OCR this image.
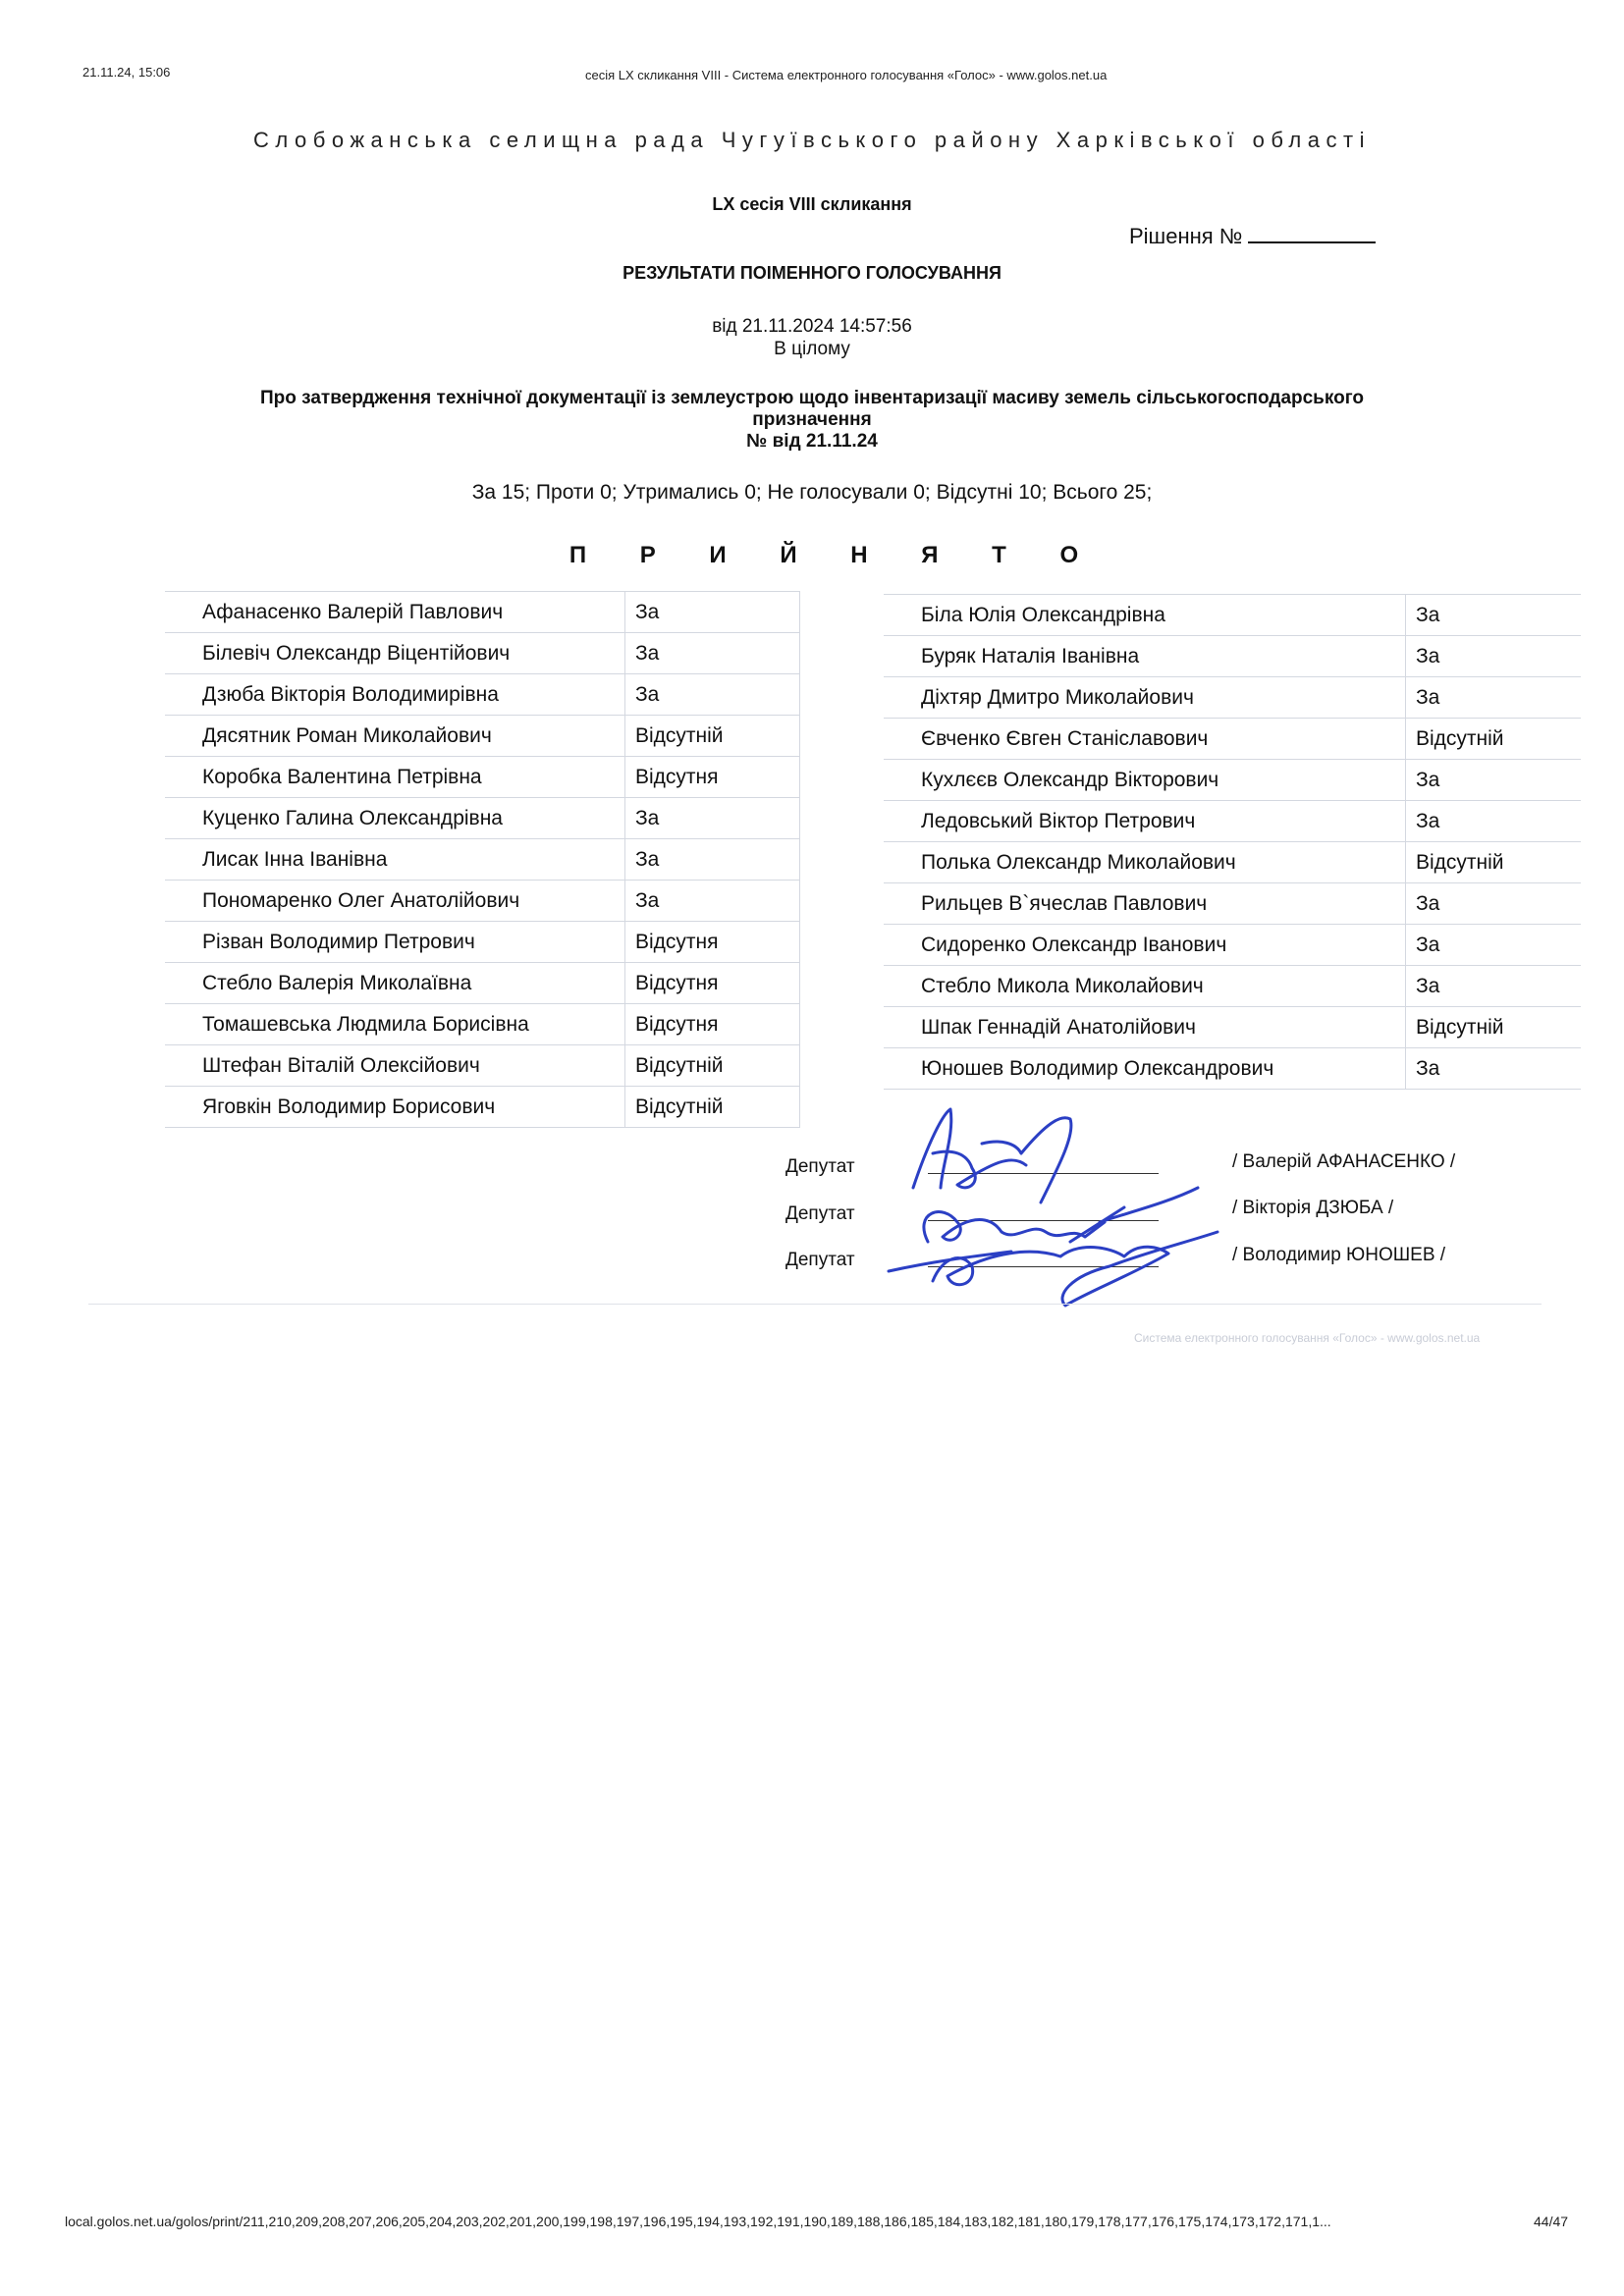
21.11.24, 15:06	сесія LX скликання VIII - Система електронного голосування «Голос» - www.golos.net.ua
Слобожанська селищна рада Чугуївського району Харківської області
LX сесія VIII скликання
Рішення №
РЕЗУЛЬТАТИ ПОІМЕННОГО ГОЛОСУВАННЯ
від 21.11.2024 14:57:56
В цілому
Про затвердження технічної документації із землеустрою щодо інвентаризації масиву земель сільськогосподарського
призначення
№ від 21.11.24
За 15; Проти 0; Утримались 0; Не голосували 0; Відсутні 10; Всього 25;
П Р И Й Н Я Т О
Афанасенко Валерій Павлович	За
Білевіч Олександр Віцентійович	За
Дзюба Вікторія Володимирівна	За
Дясятник Роман Миколайович	Відсутній
Коробка Валентина Петрівна	Відсутня
Куценко Галина Олександрівна	За
Лисак Інна Іванівна	За
Пономаренко Олег Анатолійович	За
Різван Володимир Петрович	Відсутня
Стебло Валерія Миколаївна	Відсутня
Томашевська Людмила Борисівна	Відсутня
Штефан Віталій Олексійович	Відсутній
Яговкін Володимир Борисович	Відсутній
Біла Юлія Олександрівна	За
Буряк Наталія Іванівна	За
Діхтяр Дмитро Миколайович	За
Євченко Євген Станіславович	Відсутній
Кухлєєв Олександр Вікторович	За
Ледовський Віктор Петрович	За
Полька Олександр Миколайович	Відсутній
Рильцев В`ячеслав Павлович	За
Сидоренко Олександр Іванович	За
Стебло Микола Миколайович	За
Шпак Геннадій Анатолійович	Відсутній
Юношев Володимир Олександрович	За
Депутат
Депутат
Депутат
/ Валерій АФАНАСЕНКО /
/ Вікторія ДЗЮБА /
/ Володимир ЮНОШЕВ /
Система електронного голосування «Голос» - www.golos.net.ua
local.golos.net.ua/golos/print/211,210,209,208,207,206,205,204,203,202,201,200,199,198,197,196,195,194,193,192,191,190,189,188,186,185,184,183,182,181,180,179,178,177,176,175,174,173,172,171,1...	44/47
